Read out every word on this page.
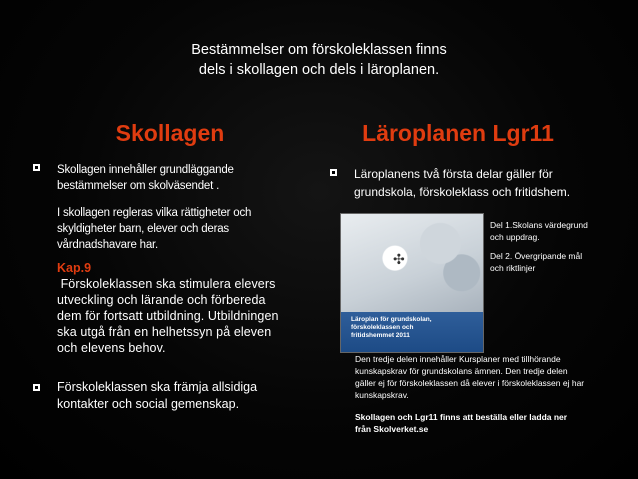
Bestämmelser om förskoleklassen finns
dels i skollagen och dels i läroplanen.
Skollagen	Läroplanen Lgr11
Skollagen innehåller grundläggande
bestämmelser om skolväsendet .
I skollagen regleras vilka rättigheter och
skyldigheter barn, elever och deras
vårdnadshavare har.
Kap.9
Förskoleklassen ska stimulera elevers
utveckling och lärande och förbereda
dem för fortsatt utbildning. Utbildningen
ska utgå från en helhetssyn på eleven
och elevens behov.
Förskoleklassen ska främja allsidiga
kontakter och social gemenskap.
Läroplanens två första delar gäller för
grundskola, förskoleklass och fritidshem.
✣
Läroplan för grundskolan,
förskoleklassen och
fritidshemmet 2011
Del 1.Skolans värdegrund
och uppdrag.
Del 2. Övergripande mål
och riktlinjer
Den tredje delen innehåller Kursplaner med tillhörande
kunskapskrav för grundskolans ämnen. Den tredje delen
gäller ej för förskoleklassen då elever i förskoleklassen ej har
kunskapskrav.
Skollagen och Lgr11 finns att beställa eller ladda ner
från Skolverket.se
